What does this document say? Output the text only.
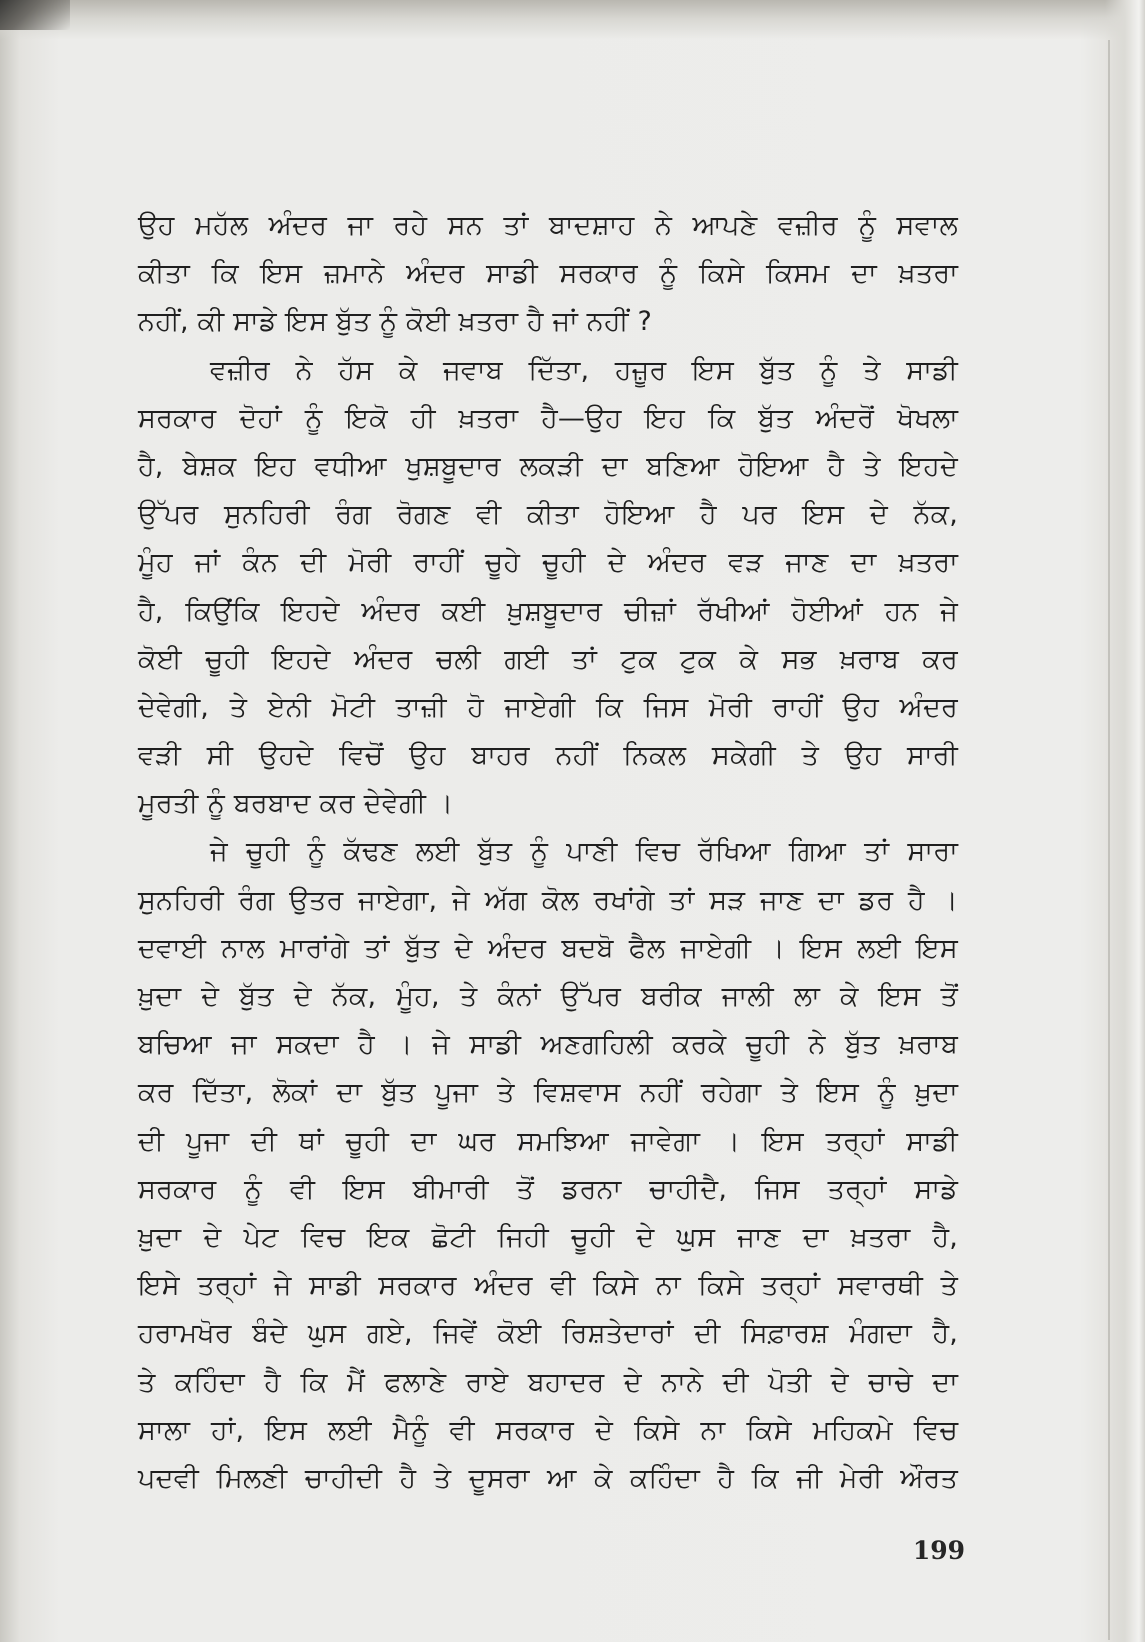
ਉਹ ਮਹੱਲ ਅੰਦਰ ਜਾ ਰਹੇ ਸਨ ਤਾਂ ਬਾਦਸ਼ਾਹ ਨੇ ਆਪਣੇ ਵਜ਼ੀਰ ਨੂੰ ਸਵਾਲ
ਕੀਤਾ ਕਿ ਇਸ ਜ਼ਮਾਨੇ ਅੰਦਰ ਸਾਡੀ ਸਰਕਾਰ ਨੂੰ ਕਿਸੇ ਕਿਸਮ ਦਾ ਖ਼ਤਰਾ
ਨਹੀਂ, ਕੀ ਸਾਡੇ ਇਸ ਬੁੱਤ ਨੂੰ ਕੋਈ ਖ਼ਤਰਾ ਹੈ ਜਾਂ ਨਹੀਂ ?
ਵਜ਼ੀਰ ਨੇ ਹੱਸ ਕੇ ਜਵਾਬ ਦਿੱਤਾ, ਹਜ਼ੂਰ ਇਸ ਬੁੱਤ ਨੂੰ ਤੇ ਸਾਡੀ
ਸਰਕਾਰ ਦੋਹਾਂ ਨੂੰ ਇਕੋ ਹੀ ਖ਼ਤਰਾ ਹੈ—ਉਹ ਇਹ ਕਿ ਬੁੱਤ ਅੰਦਰੋਂ ਖੋਖਲਾ
ਹੈ, ਬੇਸ਼ਕ ਇਹ ਵਧੀਆ ਖੁਸ਼ਬੂਦਾਰ ਲਕੜੀ ਦਾ ਬਣਿਆ ਹੋਇਆ ਹੈ ਤੇ ਇਹਦੇ
ਉੱਪਰ ਸੁਨਹਿਰੀ ਰੰਗ ਰੋਗਣ ਵੀ ਕੀਤਾ ਹੋਇਆ ਹੈ ਪਰ ਇਸ ਦੇ ਨੱਕ,
ਮੂੰਹ ਜਾਂ ਕੰਨ ਦੀ ਮੋਰੀ ਰਾਹੀਂ ਚੂਹੇ ਚੂਹੀ ਦੇ ਅੰਦਰ ਵੜ ਜਾਣ ਦਾ ਖ਼ਤਰਾ
ਹੈ, ਕਿਉਂਕਿ ਇਹਦੇ ਅੰਦਰ ਕਈ ਖ਼ੁਸ਼ਬੂਦਾਰ ਚੀਜ਼ਾਂ ਰੱਖੀਆਂ ਹੋਈਆਂ ਹਨ ਜੇ
ਕੋਈ ਚੂਹੀ ਇਹਦੇ ਅੰਦਰ ਚਲੀ ਗਈ ਤਾਂ ਟੁਕ ਟੁਕ ਕੇ ਸਭ ਖ਼ਰਾਬ ਕਰ
ਦੇਵੇਗੀ, ਤੇ ਏਨੀ ਮੋਟੀ ਤਾਜ਼ੀ ਹੋ ਜਾਏਗੀ ਕਿ ਜਿਸ ਮੋਰੀ ਰਾਹੀਂ ਉਹ ਅੰਦਰ
ਵੜੀ ਸੀ ਉਹਦੇ ਵਿਚੋਂ ਉਹ ਬਾਹਰ ਨਹੀਂ ਨਿਕਲ ਸਕੇਗੀ ਤੇ ਉਹ ਸਾਰੀ
ਮੂਰਤੀ ਨੂੰ ਬਰਬਾਦ ਕਰ ਦੇਵੇਗੀ ।
ਜੇ ਚੂਹੀ ਨੂੰ ਕੱਢਣ ਲਈ ਬੁੱਤ ਨੂੰ ਪਾਣੀ ਵਿਚ ਰੱਖਿਆ ਗਿਆ ਤਾਂ ਸਾਰਾ
ਸੁਨਹਿਰੀ ਰੰਗ ਉਤਰ ਜਾਏਗਾ, ਜੇ ਅੱਗ ਕੋਲ ਰਖਾਂਗੇ ਤਾਂ ਸੜ ਜਾਣ ਦਾ ਡਰ ਹੈ ।
ਦਵਾਈ ਨਾਲ ਮਾਰਾਂਗੇ ਤਾਂ ਬੁੱਤ ਦੇ ਅੰਦਰ ਬਦਬੋ ਫੈਲ ਜਾਏਗੀ । ਇਸ ਲਈ ਇਸ
ਖ਼ੁਦਾ ਦੇ ਬੁੱਤ ਦੇ ਨੱਕ, ਮੂੰਹ, ਤੇ ਕੰਨਾਂ ਉੱਪਰ ਬਰੀਕ ਜਾਲੀ ਲਾ ਕੇ ਇਸ ਤੋਂ
ਬਚਿਆ ਜਾ ਸਕਦਾ ਹੈ । ਜੇ ਸਾਡੀ ਅਣਗਹਿਲੀ ਕਰਕੇ ਚੂਹੀ ਨੇ ਬੁੱਤ ਖ਼ਰਾਬ
ਕਰ ਦਿੱਤਾ, ਲੋਕਾਂ ਦਾ ਬੁੱਤ ਪੂਜਾ ਤੇ ਵਿਸ਼ਵਾਸ ਨਹੀਂ ਰਹੇਗਾ ਤੇ ਇਸ ਨੂੰ ਖ਼ੁਦਾ
ਦੀ ਪੂਜਾ ਦੀ ਥਾਂ ਚੂਹੀ ਦਾ ਘਰ ਸਮਝਿਆ ਜਾਵੇਗਾ । ਇਸ ਤਰ੍ਹਾਂ ਸਾਡੀ
ਸਰਕਾਰ ਨੂੰ ਵੀ ਇਸ ਬੀਮਾਰੀ ਤੋਂ ਡਰਨਾ ਚਾਹੀਦੈ, ਜਿਸ ਤਰ੍ਹਾਂ ਸਾਡੇ
ਖ਼ੁਦਾ ਦੇ ਪੇਟ ਵਿਚ ਇਕ ਛੋਟੀ ਜਿਹੀ ਚੂਹੀ ਦੇ ਘੁਸ ਜਾਣ ਦਾ ਖ਼ਤਰਾ ਹੈ,
ਇਸੇ ਤਰ੍ਹਾਂ ਜੇ ਸਾਡੀ ਸਰਕਾਰ ਅੰਦਰ ਵੀ ਕਿਸੇ ਨਾ ਕਿਸੇ ਤਰ੍ਹਾਂ ਸਵਾਰਥੀ ਤੇ
ਹਰਾਮਖੋਰ ਬੰਦੇ ਘੁਸ ਗਏ, ਜਿਵੇਂ ਕੋਈ ਰਿਸ਼ਤੇਦਾਰਾਂ ਦੀ ਸਿਫ਼ਾਰਸ਼ ਮੰਗਦਾ ਹੈ,
ਤੇ ਕਹਿੰਦਾ ਹੈ ਕਿ ਮੈਂ ਫਲਾਣੇ ਰਾਏ ਬਹਾਦਰ ਦੇ ਨਾਨੇ ਦੀ ਪੋਤੀ ਦੇ ਚਾਚੇ ਦਾ
ਸਾਲਾ ਹਾਂ, ਇਸ ਲਈ ਮੈਨੂੰ ਵੀ ਸਰਕਾਰ ਦੇ ਕਿਸੇ ਨਾ ਕਿਸੇ ਮਹਿਕਮੇ ਵਿਚ
ਪਦਵੀ ਮਿਲਣੀ ਚਾਹੀਦੀ ਹੈ ਤੇ ਦੂਸਰਾ ਆ ਕੇ ਕਹਿੰਦਾ ਹੈ ਕਿ ਜੀ ਮੇਰੀ ਔਰਤ
199
